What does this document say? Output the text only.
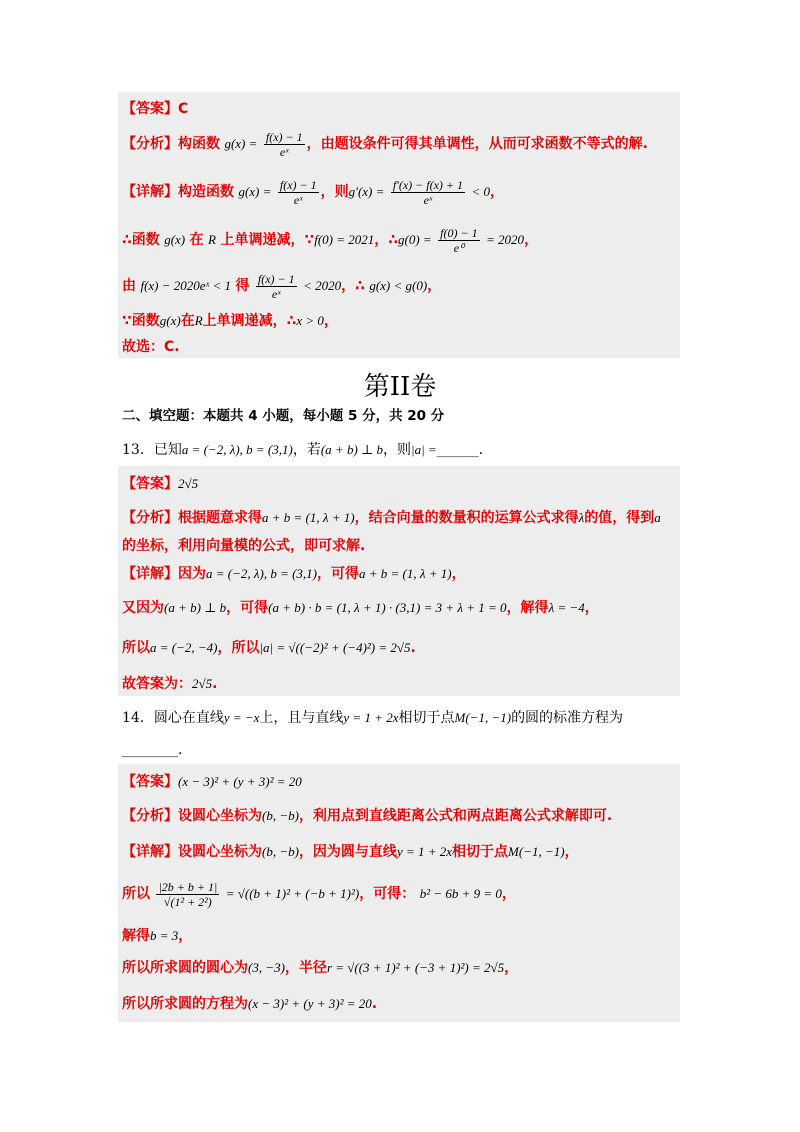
【答案】C
【分析】构函数 $g(x) = \frac{f(x) - 1}{\text{eˣ}}$ ，由题设条件可得其单调性，从而可求函数不等式的解.
【详解】构造函数 $g(x) = \frac{f(x) - 1}{\text{eˣ}}$ ，则$g'(x) = \frac{f'(x) - f(x) + 1}{\text{eˣ}} < 0$，
∴函数 g(x) 在 R 上单调递减，∵f(0) = 2021，∴g(0) = $\frac{f(0) - 1}{\text{e⁰}} = 2020$，
由 f(x) − 2020eˣ < 1 得 $\frac{f(x) - 1}{\text{eˣ}} < 2020$，∴ g(x) < g(0)，
∵函数g(x)在R上单调递减，∴x > 0，
故选：C.
第II卷
二、填空题：本题共 4 小题，每小题 5 分，共 20 分
13．已知a = (−2, λ), b = (3,1)，若(a + b) ⊥ b，则|a| =______．
【答案】2√5
【分析】根据题意求得a + b = (1, λ + 1)，结合向量的数量积的运算公式求得λ的值，得到a
的坐标，利用向量模的公式，即可求解.
【详解】因为a = (−2, λ), b = (3,1)，可得a + b = (1, λ + 1)，
又因为(a + b) ⊥ b，可得(a + b) · b = (1, λ + 1) · (3,1) = 3 + λ + 1 = 0，解得λ = −4，
所以a = (−2, −4)，所以|a| = √((−2)² + (−4)²) = 2√5.
故答案为：2√5.
14．圆心在直线y = −x上，且与直线y = 1 + 2x相切于点M(−1, −1)的圆的标准方程为
________.
【答案】(x − 3)² + (y + 3)² = 20
【分析】设圆心坐标为(b, −b)，利用点到直线距离公式和两点距离公式求解即可.
【详解】设圆心坐标为(b, −b)，因为圆与直线y = 1 + 2x相切于点M(−1, −1)，
所以 $\frac{|2b + b + 1|}{\text{√(1² + 2²)}} = √((b + 1)^2 + (-b + 1)^2)$，可得： b² − 6b + 9 = 0，
解得b = 3，
所以所求圆的圆心为(3, −3)，半径r = √((3 + 1)² + (−3 + 1)²) = 2√5，
所以所求圆的方程为(x − 3)² + (y + 3)² = 20.
